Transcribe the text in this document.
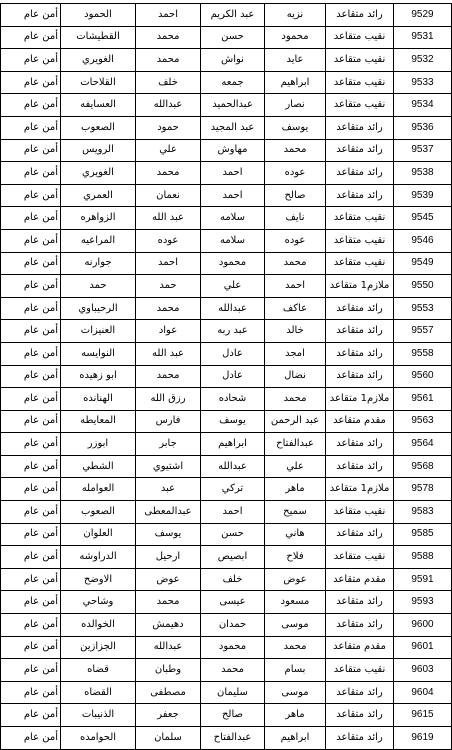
9529	رائد متقاعد	نزيه	عبد الكريم	احمد	الحمود	أمن عام
9531	نقيب متقاعد	محمود	حسن	محمد	القطيشات	أمن عام
9532	نقيب متقاعد	عايد	نواش	محمد	الغويري	أمن عام
9533	نقيب متقاعد	ابراهيم	جمعه	خلف	القلاحات	أمن عام
9534	نقيب متقاعد	نصار	عبدالحميد	عبدالله	العسايفه	أمن عام
9536	رائد متقاعد	يوسف	عبد المجيد	حمود	الصعوب	أمن عام
9537	رائد متقاعد	محمد	مهاوش	علي	الرويس	أمن عام
9538	رائد متقاعد	عوده	احمد	محمد	الغويري	أمن عام
9539	رائد متقاعد	صالح	احمد	نعمان	العمري	أمن عام
9545	نقيب متقاعد	نايف	سلامه	عبد الله	الزواهره	أمن عام
9546	نقيب متقاعد	عوده	سلامه	عوده	المراعيه	أمن عام
9549	نقيب متقاعد	محمد	محمود	احمد	جوارنه	أمن عام
9550	ملازم1 متقاعد	احمد	علي	حمد	حمد	أمن عام
9553	رائد متقاعد	عاكف	عبدالله	محمد	الرحيباوي	أمن عام
9557	رائد متقاعد	خالد	عبد ربه	عواد	العنيزات	أمن عام
9558	رائد متقاعد	امجد	عادل	عبد الله	النوايسه	أمن عام
9560	رائد متقاعد	نضال	عادل	محمد	ابو زهيده	أمن عام
9561	ملازم1 متقاعد	محمد	شحاده	رزق الله	الهنانده	أمن عام
9563	مقدم متقاعد	عبد الرحمن	يوسف	فارس	المعايطه	أمن عام
9564	رائد متقاعد	عبدالفتاح	ابراهيم	جابر	ابوزر	أمن عام
9568	رائد متقاعد	علي	عبدالله	اشتيوي	الشطي	أمن عام
9578	ملازم1 متقاعد	ماهر	تركي	عبد	العوامله	أمن عام
9583	نقيب متقاعد	سميح	احمد	عبدالمعطى	الصعوب	أمن عام
9585	رائد متقاعد	هاني	حسن	يوسف	العلوان	أمن عام
9588	نقيب متقاعد	فلاح	ابصيص	ارحيل	الدراوشه	أمن عام
9591	مقدم متقاعد	عوض	خلف	عوض	الاوضح	أمن عام
9593	رائد متقاعد	مسعود	عيسى	محمد	وشاحي	أمن عام
9600	رائد متقاعد	موسى	حمدان	دهيمش	الخوالده	أمن عام
9601	مقدم متقاعد	محمد	محمود	عبدالله	الجزازين	أمن عام
9603	نقيب متقاعد	بسام	محمد	وطبان	قضاه	أمن عام
9604	رائد متقاعد	موسى	سليمان	مصطفى	القضاه	أمن عام
9615	رائد متقاعد	ماهر	صالح	جعفر	الذنيبات	أمن عام
9619	رائد متقاعد	ابراهيم	عبدالفتاح	سلمان	الحوامده	أمن عام
